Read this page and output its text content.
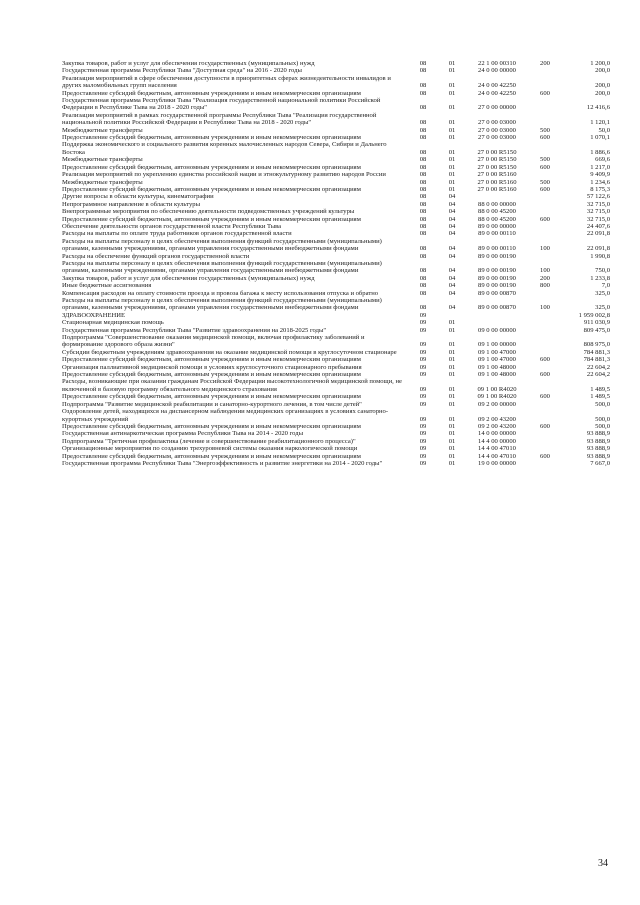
Закупка товаров, работ и услуг для обеспечения государственных (муниципальных) нужд	08	01	22 1 00 00310	200	1 200,0
Государственная программа Республики Тыва "Доступная среда" на 2016 - 2020 годы	08	01	24 0 00 00000		200,0
Реализация мероприятий в сфере обеспечения доступности в приоритетных сферах жизнедеятельности инвалидов и других маломобильных групп населения	08	01	24 0 00 42250		200,0
Предоставление субсидий бюджетным, автономным учреждениям и иным некоммерческим организациям	08	01	24 0 00 42250	600	200,0
Государственная программа Республики Тыва "Реализация государственной национальной политики Российской Федерации в Республике Тыва на 2018 - 2020 годы"	08	01	27 0 00 00000		12 416,6
Реализация мероприятий в рамках государственной программы Республики Тыва "Реализация государственной национальной политики Российской Федерации в Республике Тыва на 2018 - 2020 годы"	08	01	27 0 00 03000		1 120,1
Межбюджетные трансферты	08	01	27 0 00 03000	500	50,0
Предоставление субсидий бюджетным, автономным учреждениям и иным некоммерческим организациям	08	01	27 0 00 03000	600	1 070,1
Поддержка экономического и социального развития коренных малочисленных народов Севера, Сибири и Дальнего Востока	08	01	27 0 00 R5150		1 886,6
Межбюджетные трансферты	08	01	27 0 00 R5150	500	669,6
Предоставление субсидий бюджетным, автономным учреждениям и иным некоммерческим организациям	08	01	27 0 00 R5150	600	1 217,0
Реализация мероприятий по укреплению единства российской нации и этнокультурному развитию народов России	08	01	27 0 00 R5160		9 409,9
Межбюджетные трансферты	08	01	27 0 00 R5160	500	1 234,6
Предоставление субсидий бюджетным, автономным учреждениям и иным некоммерческим организациям	08	01	27 0 00 R5160	600	8 175,3
Другие вопросы в области культуры, кинематографии	08	04			57 122,6
Непрограммное направление в области культуры	08	04	88 0 00 00000		32 715,0
Внепрограммные мероприятия по обеспечению деятельности подведомственных учреждений культуры	08	04	88 0 00 45200		32 715,0
Предоставление субсидий бюджетным, автономным учреждениям и иным некоммерческим организациям	08	04	88 0 00 45200	600	32 715,0
Обеспечение деятельности органов государственной власти Республики Тыва	08	04	89 0 00 00000		24 407,6
Расходы на выплаты по оплате труда работников органов государственной власти	08	04	89 0 00 00110		22 091,8
Расходы на выплаты персоналу в целях обеспечения выполнения функций государственными (муниципальными) органами, казенными учреждениями, органами управления государственными внебюджетными фондами	08	04	89 0 00 00110	100	22 091,8
Расходы на обеспечение функций органов государственной власти	08	04	89 0 00 00190		1 990,8
Расходы на выплаты персоналу в целях обеспечения выполнения функций государственными (муниципальными) органами, казенными учреждениями, органами управления государственными внебюджетными фондами	08	04	89 0 00 00190	100	750,0
Закупка товаров, работ и услуг для обеспечения государственных (муниципальных) нужд	08	04	89 0 00 00190	200	1 233,8
Иные бюджетные ассигнования	08	04	89 0 00 00190	800	7,0
Компенсация расходов на оплату стоимости проезда и провоза багажа к месту использования отпуска и обратно	08	04	89 0 00 00870		325,0
Расходы на выплаты персоналу в целях обеспечения выполнения функций государственными (муниципальными) органами, казенными учреждениями, органами управления государственными внебюджетными фондами	08	04	89 0 00 00870	100	325,0
ЗДРАВООХРАНЕНИЕ	09				1 959 002,8
Стационарная медицинская помощь	09	01			911 030,9
Государственная программа Республики Тыва "Развитие здравоохранения на 2018-2025 годы"	09	01	09 0 00 00000		809 475,0
Подпрограмма "Совершенствование оказания медицинской помощи, включая профилактику заболеваний и формирование здорового образа жизни"	09	01	09 1 00 00000		808 975,0
Субсидии бюджетным учреждениям здравоохранения на оказание медицинской помощи в круглосуточном стационаре	09	01	09 1 00 47000		784 881,3
Предоставление субсидий бюджетным, автономным учреждениям и иным некоммерческим организациям	09	01	09 1 00 47000	600	784 881,3
Организация паллиативной медицинской помощи в условиях круглосуточного стационарного пребывания	09	01	09 1 00 48000		22 604,2
Предоставление субсидий бюджетным, автономным учреждениям и иным некоммерческим организациям	09	01	09 1 00 48000	600	22 604,2
Расходы, возникающие при оказании гражданам Российской Федерации высокотехнологичной медицинской помощи, не включенной в базовую программу обязательного медицинского страхования	09	01	09 1 00 R4020		1 489,5
Предоставление субсидий бюджетным, автономным учреждениям и иным некоммерческим организациям	09	01	09 1 00 R4020	600	1 489,5
Подпрограмма "Развитие медицинской реабилитации и санаторно-курортного лечения, в том числе детей"	09	01	09 2 00 00000		500,0
Оздоровление детей, находящихся на диспансерном наблюдении медицинских организациях в условиях санаторно-курортных учреждений	09	01	09 2 00 43200		500,0
Предоставление субсидий бюджетным, автономным учреждениям и иным некоммерческим организациям	09	01	09 2 00 43200	600	500,0
Государственная антинаркотическая программа Республики Тыва на 2014 - 2020 годы	09	01	14 0 00 00000		93 888,9
Подпрограмма "Третичная профилактика (лечение и совершенствование реабилитационного процесса)"	09	01	14 4 00 00000		93 888,9
Организационные мероприятия по созданию трехуровневой системы оказания наркологической помощи	09	01	14 4 00 47010		93 888,9
Предоставление субсидий бюджетным, автономным учреждениям и иным некоммерческим организациям	09	01	14 4 00 47010	600	93 888,9
Государственная программа Республики Тыва "Энергоэффективность и развитие энергетики на 2014 - 2020 годы"	09	01	19 0 00 00000		7 667,0
34
